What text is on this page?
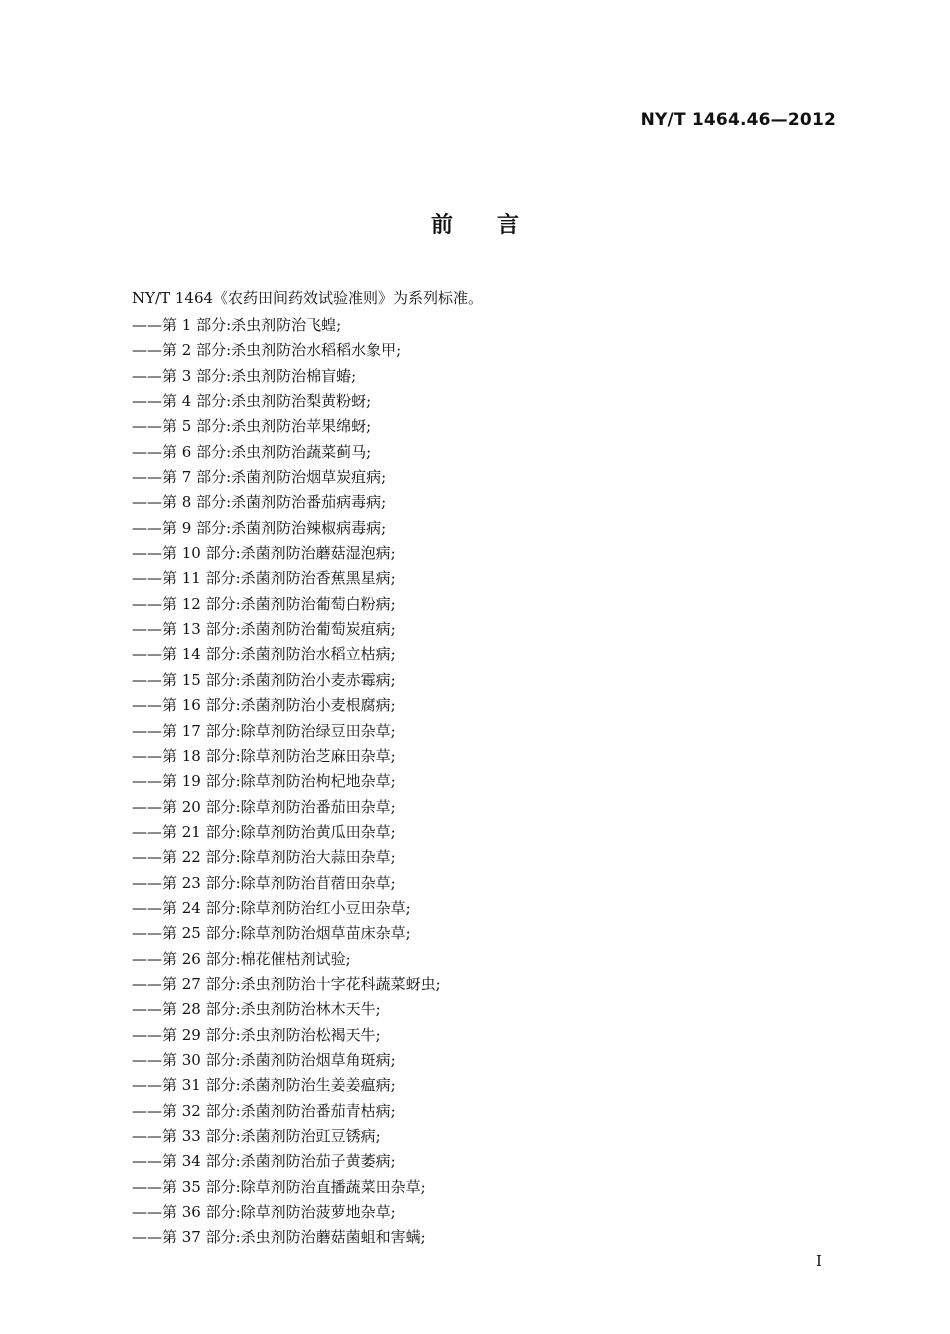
NY/T 1464.46—2012
前言
NY/T 1464《农药田间药效试验准则》为系列标准。
——第 1 部分:杀虫剂防治飞蝗;
——第 2 部分:杀虫剂防治水稻稻水象甲;
——第 3 部分:杀虫剂防治棉盲蝽;
——第 4 部分:杀虫剂防治梨黄粉蚜;
——第 5 部分:杀虫剂防治苹果绵蚜;
——第 6 部分:杀虫剂防治蔬菜蓟马;
——第 7 部分:杀菌剂防治烟草炭疽病;
——第 8 部分:杀菌剂防治番茄病毒病;
——第 9 部分:杀菌剂防治辣椒病毒病;
——第 10 部分:杀菌剂防治蘑菇湿泡病;
——第 11 部分:杀菌剂防治香蕉黑星病;
——第 12 部分:杀菌剂防治葡萄白粉病;
——第 13 部分:杀菌剂防治葡萄炭疽病;
——第 14 部分:杀菌剂防治水稻立枯病;
——第 15 部分:杀菌剂防治小麦赤霉病;
——第 16 部分:杀菌剂防治小麦根腐病;
——第 17 部分:除草剂防治绿豆田杂草;
——第 18 部分:除草剂防治芝麻田杂草;
——第 19 部分:除草剂防治枸杞地杂草;
——第 20 部分:除草剂防治番茄田杂草;
——第 21 部分:除草剂防治黄瓜田杂草;
——第 22 部分:除草剂防治大蒜田杂草;
——第 23 部分:除草剂防治苜蓿田杂草;
——第 24 部分:除草剂防治红小豆田杂草;
——第 25 部分:除草剂防治烟草苗床杂草;
——第 26 部分:棉花催枯剂试验;
——第 27 部分:杀虫剂防治十字花科蔬菜蚜虫;
——第 28 部分:杀虫剂防治林木天牛;
——第 29 部分:杀虫剂防治松褐天牛;
——第 30 部分:杀菌剂防治烟草角斑病;
——第 31 部分:杀菌剂防治生姜姜瘟病;
——第 32 部分:杀菌剂防治番茄青枯病;
——第 33 部分:杀菌剂防治豇豆锈病;
——第 34 部分:杀菌剂防治茄子黄萎病;
——第 35 部分:除草剂防治直播蔬菜田杂草;
——第 36 部分:除草剂防治菠萝地杂草;
——第 37 部分:杀虫剂防治蘑菇菌蛆和害螨;
I
